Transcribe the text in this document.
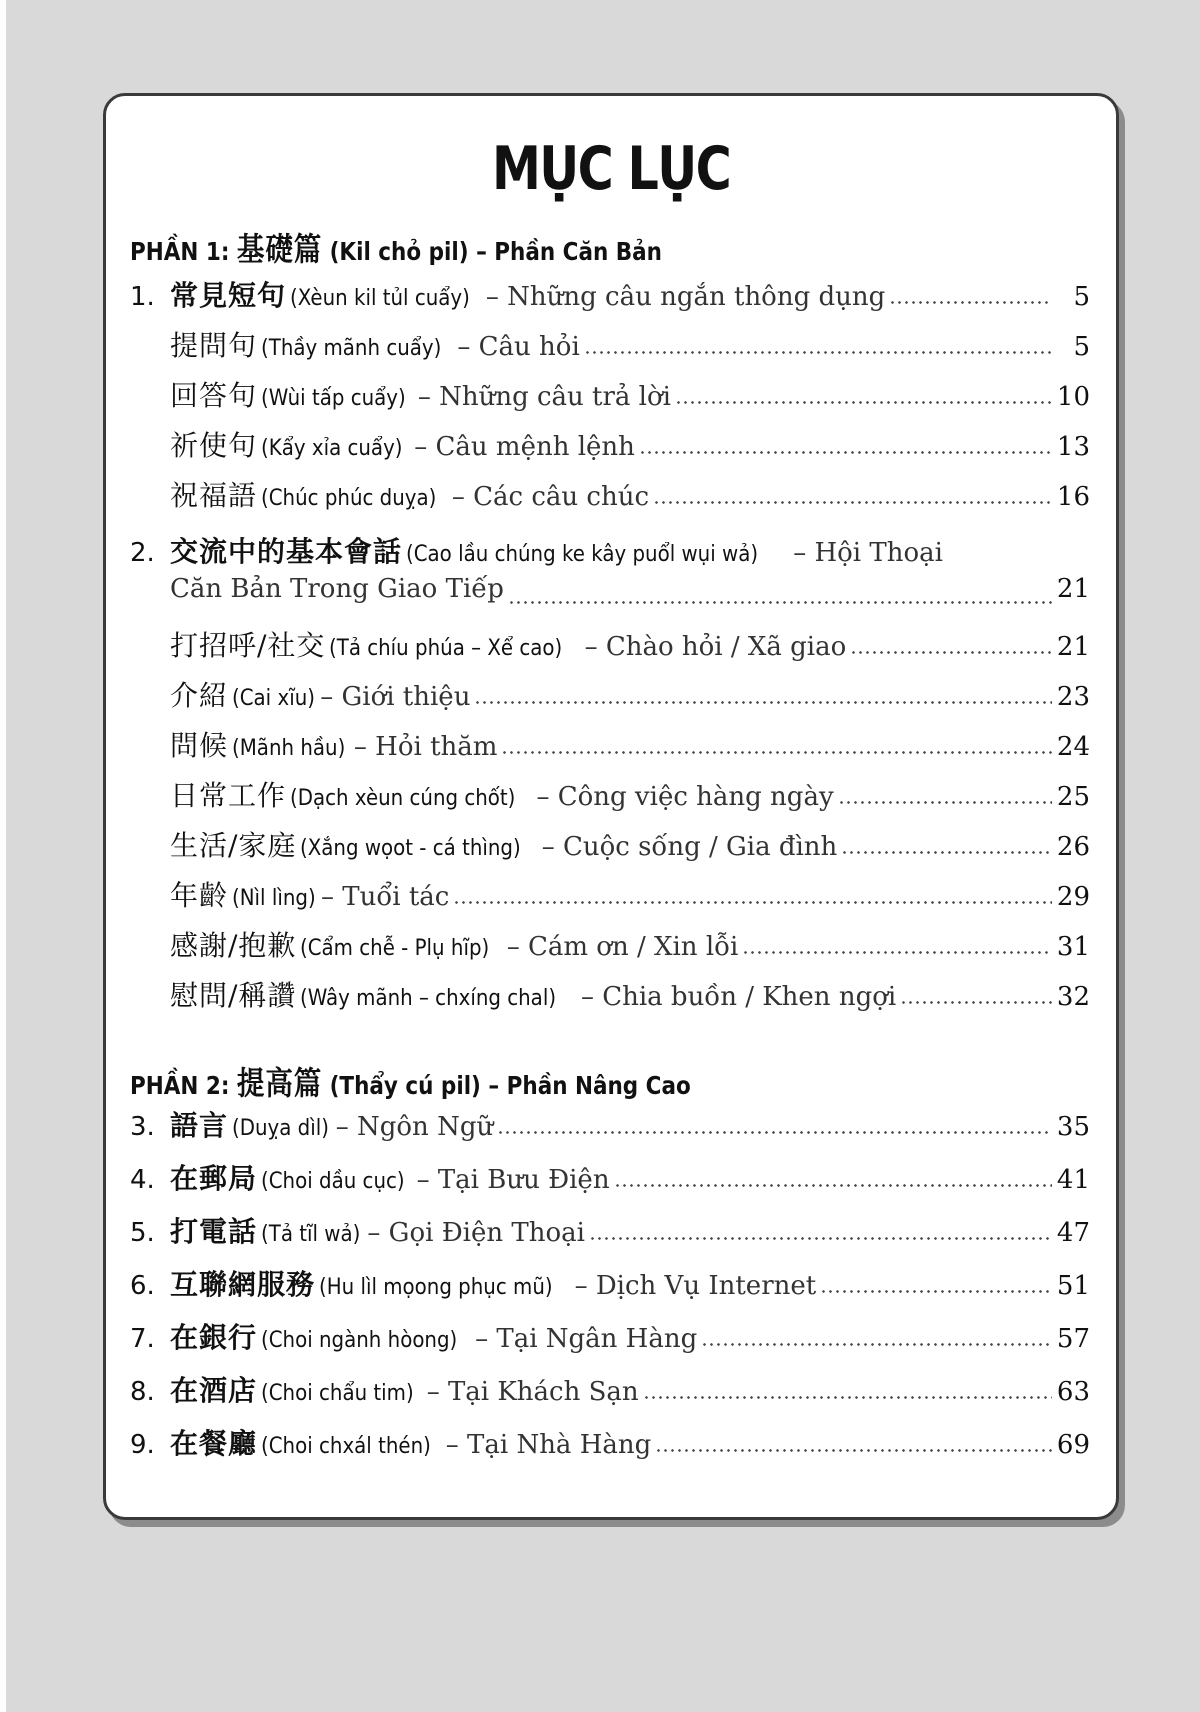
MỤC LỤC
PHẦN 1: 基礎篇 (Kil chỏ pil) – Phần Căn Bản
1. 常見短句 (Xèun kil tủl cuẩy) – Những câu ngắn thông dụng	5
提問句 (Thầy mãnh cuẩy) – Câu hỏi	5
回答句 (Wùi tấp cuẩy) – Những câu trả lời	10
祈使句 (Kẩy xỉa cuẩy) – Câu mệnh lệnh	13
祝福語 (Chúc phúc duỵa) – Các câu chúc	16
2. 交流中的基本會話 (Cao lầu chúng ke kây puổl wụi wả) – Hội Thoại
Căn Bản Trong Giao Tiếp	21
打招呼/社交 (Tả chíu phúa – Xể cao) – Chào hỏi / Xã giao	21
介紹 (Cai xĩu) – Giới thiệu	23
問候 (Mãnh hầu) – Hỏi thăm	24
日常工作 (Dạch xèun cúng chốt) – Công việc hàng ngày	25
生活/家庭 (Xắng wọot - cá thìng) – Cuộc sống / Gia đình	26
年齡 (Nìl lìng) – Tuổi tác	29
感謝/抱歉 (Cẩm chễ - Plụ hĩp) – Cám ơn / Xin lỗi	31
慰問/稱讚 (Wây mãnh – chxíng chal) – Chia buồn / Khen ngợi	32
PHẦN 2: 提高篇 (Thẩy cú pil) – Phần Nâng Cao
3. 語言 (Duỵa dìl) – Ngôn Ngữ	35
4. 在郵局 (Choi dầu cục) – Tại Bưu Điện	41
5. 打電話 (Tả tĩl wả) – Gọi Điện Thoại	47
6. 互聯網服務 (Hu lìl mọong phục mũ) – Dịch Vụ Internet	51
7. 在銀行 (Choi ngành hòong) – Tại Ngân Hàng	57
8. 在酒店 (Choi chẩu tim) – Tại Khách Sạn	63
9. 在餐廳 (Choi chxál thén) – Tại Nhà Hàng	69
